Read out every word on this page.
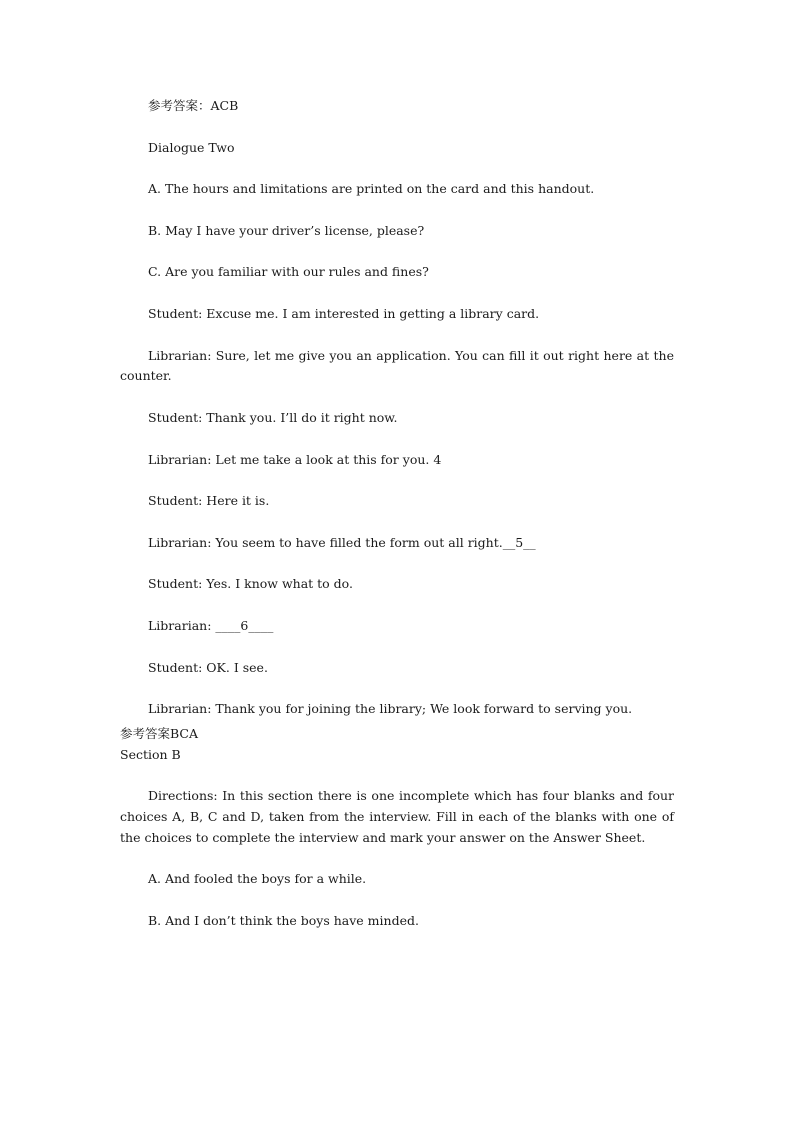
参考答案：ACB

Dialogue Two

A. The hours and limitations are printed on the card and this handout.

B. May I have your driver’s license, please?

C. Are you familiar with our rules and fines?

Student: Excuse me. I am interested in getting a library card.

Librarian: Sure, let me give you an application. You can fill it out right here at the counter.

Student: Thank you. I’ll do it right now.

Librarian: Let me take a look at this for you. 4

Student: Here it is.

Librarian: You seem to have filled the form out all right.__5__

Student: Yes. I know what to do.

Librarian: ____6____

Student: OK. I see.

Librarian: Thank you for joining the library; We look forward to serving you.

参考答案BCA

Section B

Directions: In this section there is one incomplete which has four blanks and four choices A, B, C and D, taken from the interview. Fill in each of the blanks with one of the choices to complete the interview and mark your answer on the Answer Sheet.

A. And fooled the boys for a while.

B. And I don’t think the boys have minded.
